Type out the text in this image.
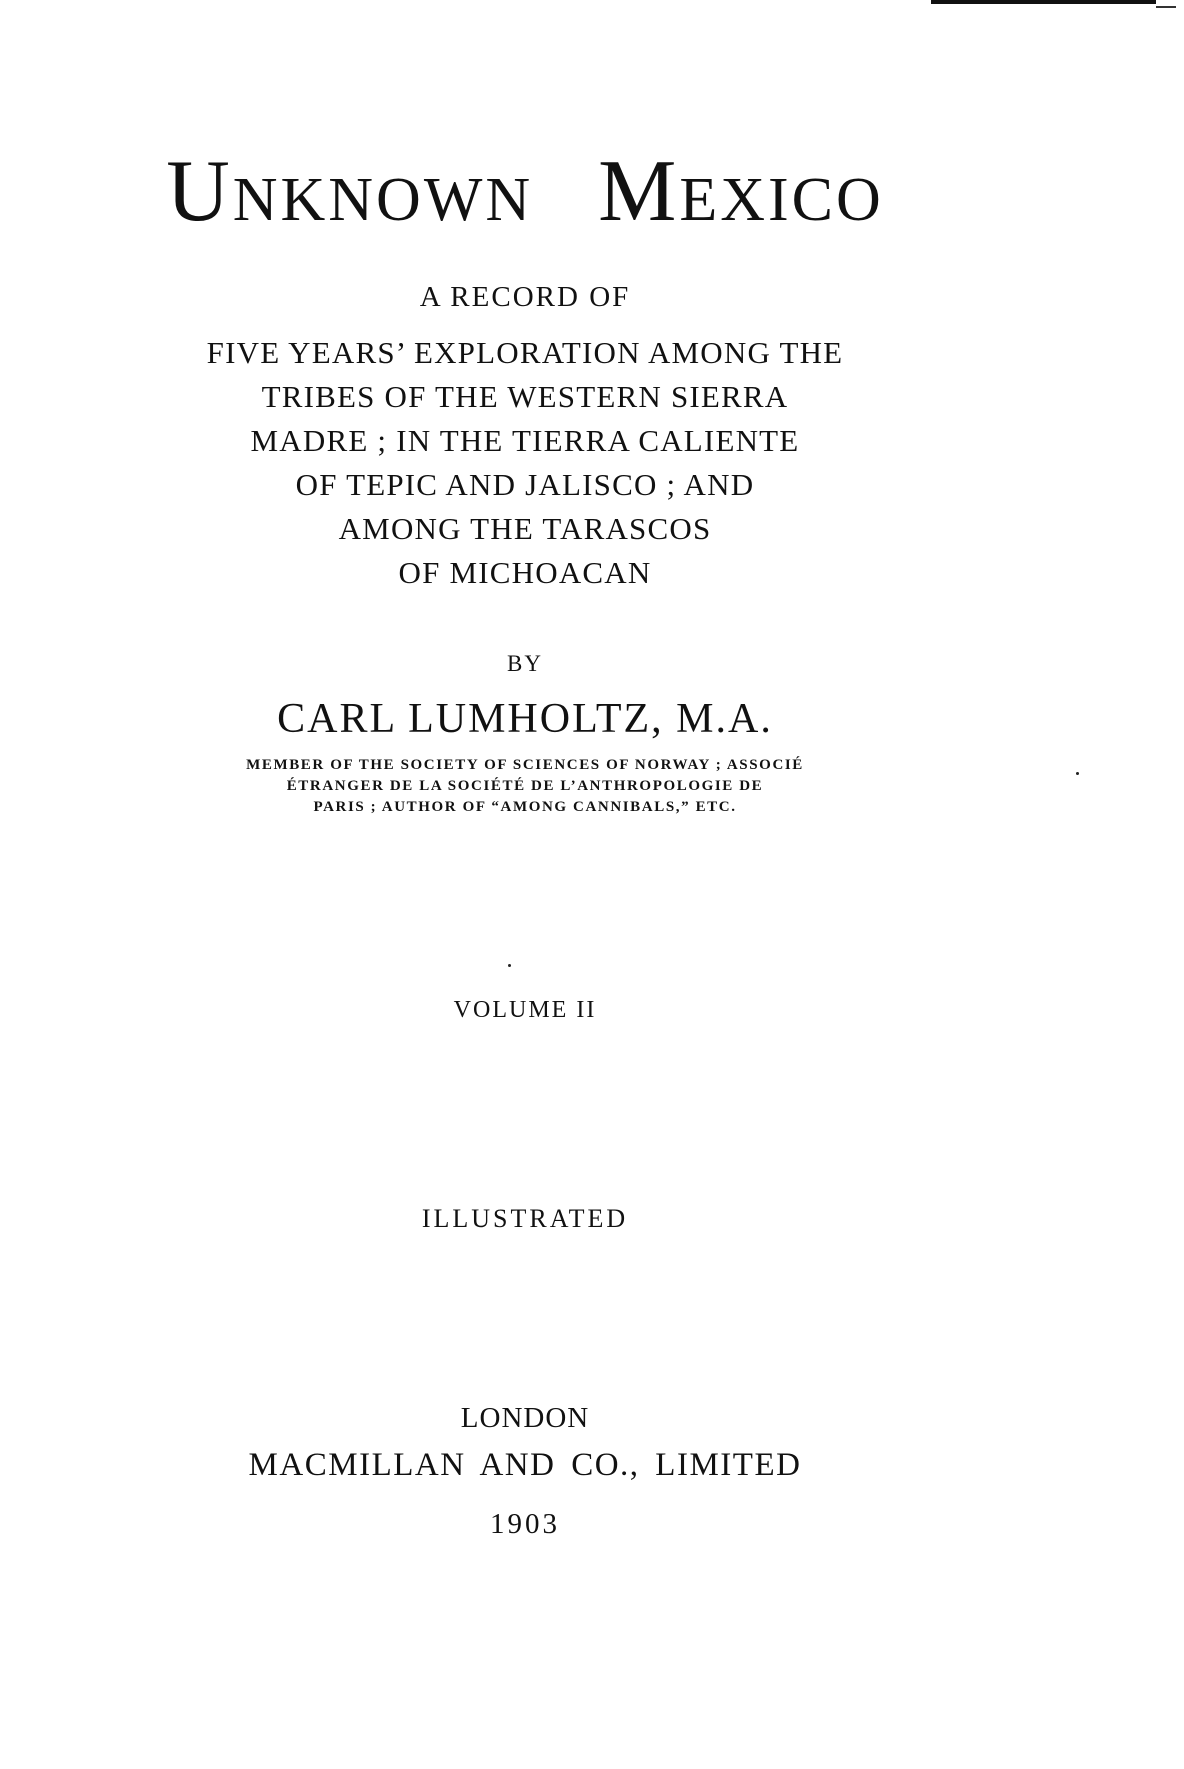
Unknown Mexico
A RECORD OF
FIVE YEARS’ EXPLORATION AMONG THE
TRIBES OF THE WESTERN SIERRA
MADRE ; IN THE TIERRA CALIENTE
OF TEPIC AND JALISCO ; AND
AMONG THE TARASCOS
OF MICHOACAN
BY
CARL LUMHOLTZ, M.A.
MEMBER OF THE SOCIETY OF SCIENCES OF NORWAY ; ASSOCIÉ
ÉTRANGER DE LA SOCIÉTÉ DE L’ANTHROPOLOGIE DE
PARIS ; AUTHOR OF “AMONG CANNIBALS,” ETC.
VOLUME II
ILLUSTRATED
LONDON
MACMILLAN AND CO., LIMITED
1903
